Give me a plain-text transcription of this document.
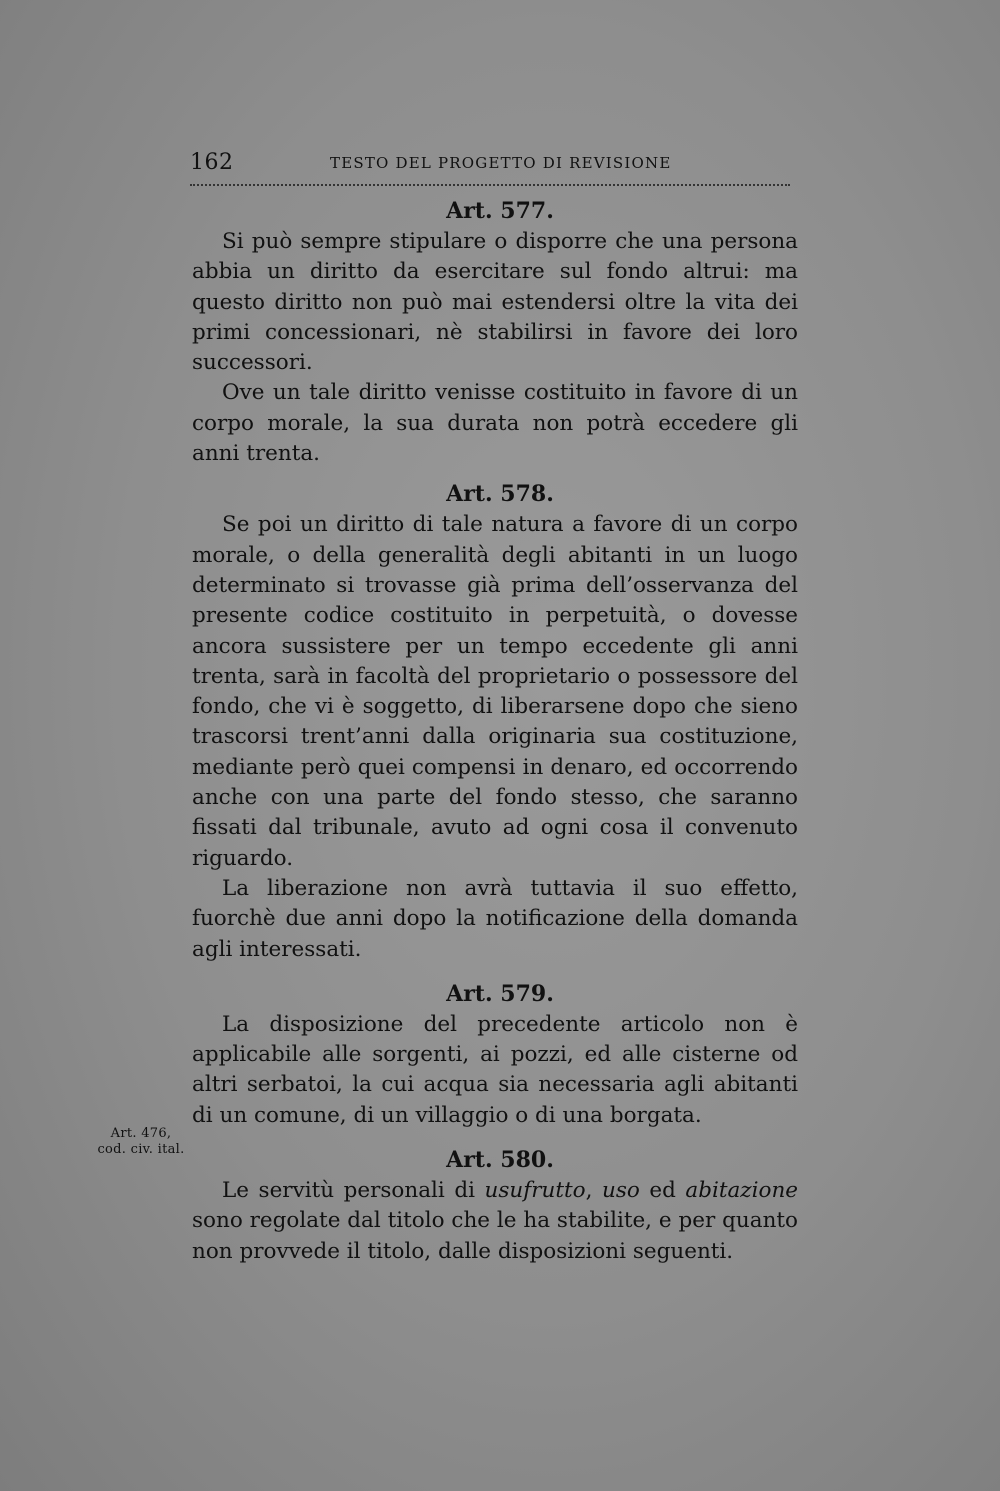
162	TESTO DEL PROGETTO DI REVISIONE
Art. 577.

Si può sempre stipulare o disporre che una persona abbia un diritto da esercitare sul fondo altrui: ma questo diritto non può mai estendersi oltre la vita dei primi concessionari, nè stabilirsi in favore dei loro successori.

Ove un tale diritto venisse costituito in favore di un corpo morale, la sua durata non potrà eccedere gli anni trenta.

Art. 578.

Se poi un diritto di tale natura a favore di un corpo morale, o della generalità degli abitanti in un luogo determinato si trovasse già prima dell’osservanza del presente codice costituito in perpetuità, o dovesse ancora sussistere per un tempo eccedente gli anni trenta, sarà in facoltà del proprietario o possessore del fondo, che vi è soggetto, di liberarsene dopo che sieno trascorsi trent’anni dalla originaria sua costituzione, mediante però quei compensi in denaro, ed occorrendo anche con una parte del fondo stesso, che saranno fissati dal tribunale, avuto ad ogni cosa il convenuto riguardo.

La liberazione non avrà tuttavia il suo effetto, fuorchè due anni dopo la notificazione della domanda agli interessati.

Art. 579.

La disposizione del precedente articolo non è applicabile alle sorgenti, ai pozzi, ed alle cisterne od altri serbatoi, la cui acqua sia necessaria agli abitanti di un comune, di un villaggio o di una borgata.

Art. 580.

Le servitù personali di usufrutto, uso ed abitazione sono regolate dal titolo che le ha stabilite, e per quanto non provvede il titolo, dalle disposizioni seguenti.

Art. 476,
cod. civ. ital.
